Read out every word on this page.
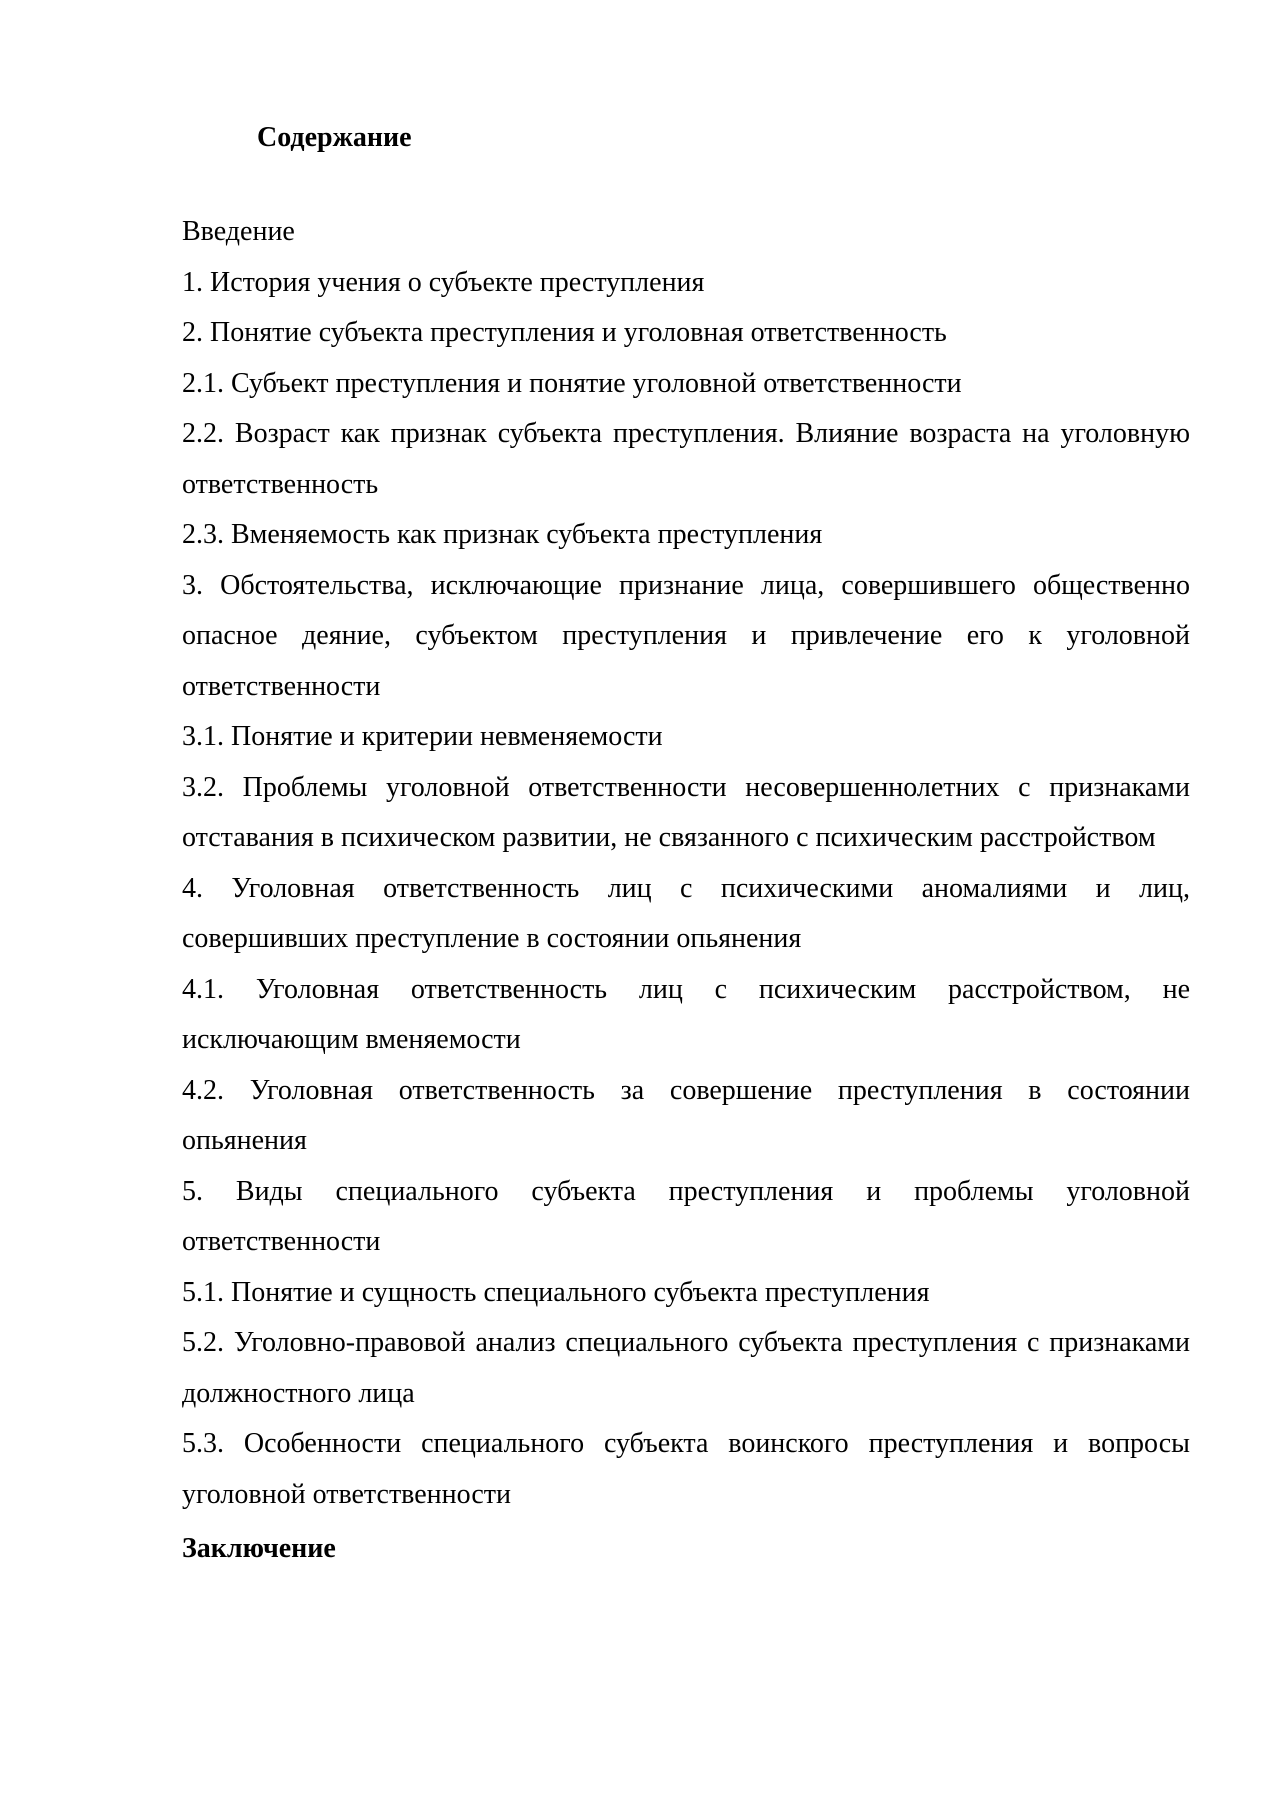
Содержание
Введение
1. История учения о субъекте преступления
2. Понятие субъекта преступления и уголовная ответственность
2.1. Субъект преступления и понятие уголовной ответственности
2.2. Возраст как признак субъекта преступления. Влияние возраста на уголовную ответственность
2.3. Вменяемость как признак субъекта преступления
3. Обстоятельства, исключающие признание лица, совершившего общественно опасное деяние, субъектом преступления и привлечение его к уголовной ответственности
3.1. Понятие и критерии невменяемости
3.2. Проблемы уголовной ответственности несовершеннолетних с признаками отставания в психическом развитии, не связанного с психическим расстройством
4. Уголовная ответственность лиц с психическими аномалиями и лиц, совершивших преступление в состоянии опьянения
4.1. Уголовная ответственность лиц с психическим расстройством, не исключающим вменяемости
4.2. Уголовная ответственность за совершение преступления в состоянии опьянения
5. Виды специального субъекта преступления и проблемы уголовной ответственности
5.1. Понятие и сущность специального субъекта преступления
5.2. Уголовно-правовой анализ специального субъекта преступления с признаками должностного лица
5.3. Особенности специального субъекта воинского преступления и вопросы уголовной ответственности
Заключение
